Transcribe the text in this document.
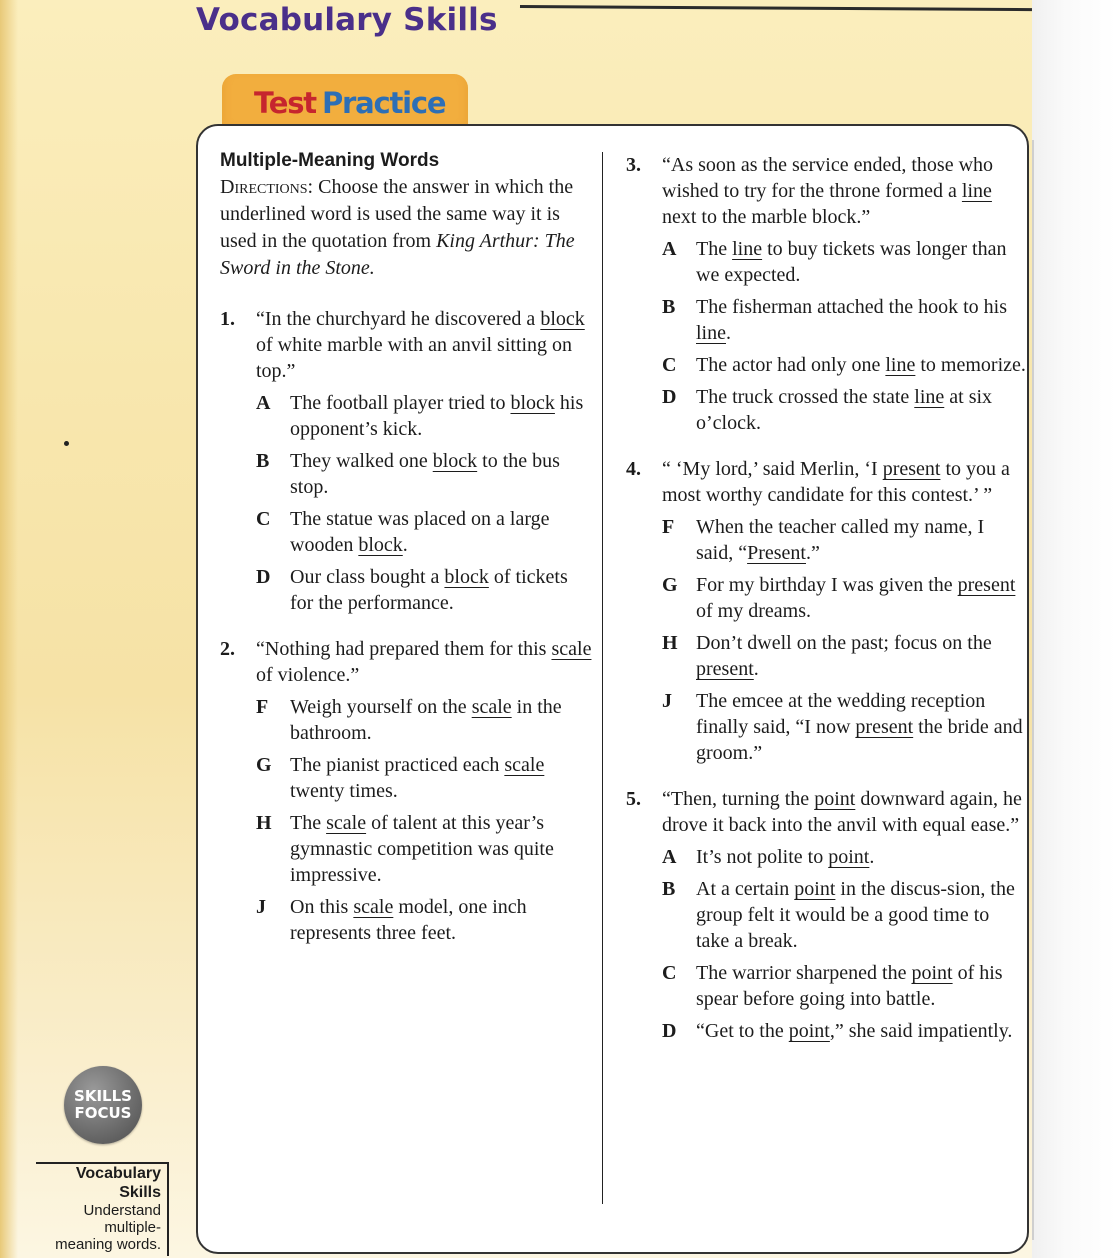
Vocabulary Skills

Test Practice

Multiple-Meaning Words

Directions: Choose the answer in which the underlined word is used the same way it is used in the quotation from King Arthur: The Sword in the Stone.

1. “In the churchyard he discovered a block of white marble with an anvil sitting on top.”

A The football player tried to block his opponent’s kick.

B They walked one block to the bus stop.

C The statue was placed on a large wooden block.

D Our class bought a block of tickets for the performance.

2. “Nothing had prepared them for this scale of violence.”

F Weigh yourself on the scale in the bathroom.

G The pianist practiced each scale twenty times.

H The scale of talent at this year’s gymnastic competition was quite impressive.

J On this scale model, one inch represents three feet.

3. “As soon as the service ended, those who wished to try for the throne formed a line next to the marble block.”

A The line to buy tickets was longer than we expected.

B The fisherman attached the hook to his line.

C The actor had only one line to memorize.

D The truck crossed the state line at six o’clock.

4. “ ‘My lord,’ said Merlin, ‘I present to you a most worthy candidate for this contest.’ ”

F When the teacher called my name, I said, “Present.”

G For my birthday I was given the present of my dreams.

H Don’t dwell on the past; focus on the present.

J The emcee at the wedding reception finally said, “I now present the bride and groom.”

5. “Then, turning the point downward again, he drove it back into the anvil with equal ease.”

A It’s not polite to point.

B At a certain point in the discus-sion, the group felt it would be a good time to take a break.

C The warrior sharpened the point of his spear before going into battle.

D “Get to the point,” she said impatiently.

SKILLS
FOCUS
Vocabulary
Skills
Understand
multiple-
meaning words.
